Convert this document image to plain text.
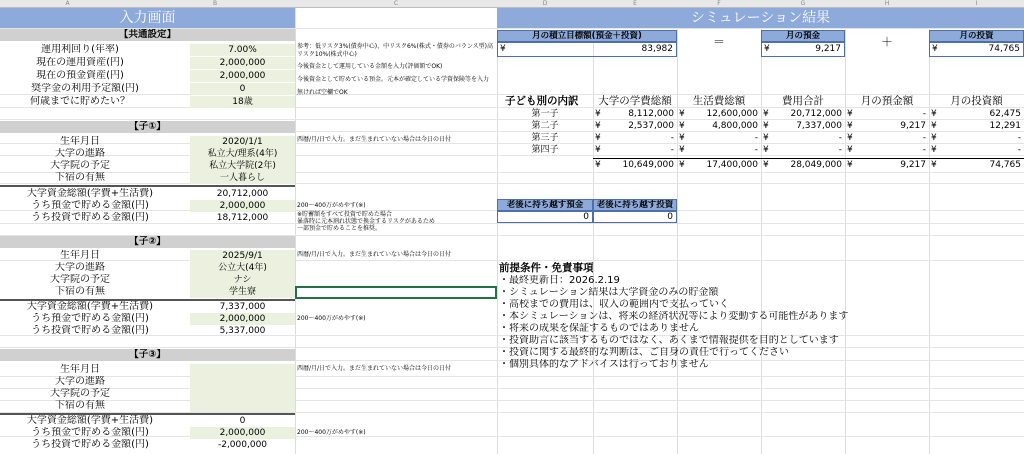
A	B	C	D	E	F	G	H	I
入力画面
【共通設定】
運用利回り(年率)	7.00%
現在の運用資産(円)	2,000,000
現在の預金資産(円)	2,000,000
奨学金の利用予定額(円)	0
何歳までに貯めたい？	18歳
【子①】
生年月日	2020/1/1
大学の進路	私立大/理系(4年)
大学院の予定	私立大学院(2年)
下宿の有無	一人暮らし
大学資金総額(学費+生活費)	20,712,000
うち預金で貯める金額(円)	2,000,000
うち投資で貯める金額(円)	18,712,000
【子②】
生年月日	2025/9/1
大学の進路	公立大(4年)
大学院の予定	ナシ
下宿の有無	学生寮
大学資金総額(学費+生活費)	7,337,000
うち預金で貯める金額(円)	2,000,000
うち投資で貯める金額(円)	5,337,000
【子③】
生年月日
大学の進路
大学院の予定
下宿の有無
大学資金総額(学費+生活費)	0
うち預金で貯める金額(円)	2,000,000
うち投資で貯める金額(円)	-2,000,000
参考：低リスク3%(債券中心)、中リスク6%(株式・債券のバランス型)高
リスク10%(株式中心)
今後資金として運用している金額を入力(評価額でOK)
今後資金として貯めている預金。元本が確定している学資保険等を入力
無ければ空欄でOK
西暦/月/日で入力。まだ生まれていない場合は今日の日付
200～400万がめやす(※)
※貯蓄額をすべて投資で貯めた場合
暴落時に元本割れ状態で換金するリスクがあるため
一部預金で貯めることを推奨。
西暦/月/日で入力。まだ生まれていない場合は今日の日付
200～400万がめやす(※)
西暦/月/日で入力。まだ生まれていない場合は今日の日付
200～400万がめやす(※)
シミュレーション結果
月の積立目標額(預金＋投資)
¥	83,982	＝	月の預金
¥	9,217	＋	月の投資
¥	74,765
子ども別の内訳	大学の学費総額	生活費総額	費用合計	月の預金額	月の投資額
第一子	¥	8,112,000 ¥ 12,600,000 ¥ 20,712,000 ¥	- ¥	62,475
第二子	¥	2,537,000 ¥	4,800,000 ¥	7,337,000 ¥	9,217 ¥	12,291
第三子	¥	- ¥	- ¥	- ¥	- ¥	-
第四子	¥	- ¥	- ¥	- ¥	- ¥	-
¥ 10,649,000 ¥ 17,400,000 ¥ 28,049,000 ¥	9,217 ¥	74,765
老後に持ち越す預金	老後に持ち越す投資
0	0
前提条件・免責事項
・最終更新日：2026.2.19
・シミュレーション結果は大学資金のみの貯金額
・高校までの費用は、収入の範囲内で支払っていく
・本シミュレーションは、将来の経済状況等により変動する可能性があります
・将来の成果を保証するものではありません
・投資助言に該当するものではなく、あくまで情報提供を目的としています
・投資に関する最終的な判断は、ご自身の責任で行ってください
・個別具体的なアドバイスは行っておりません
